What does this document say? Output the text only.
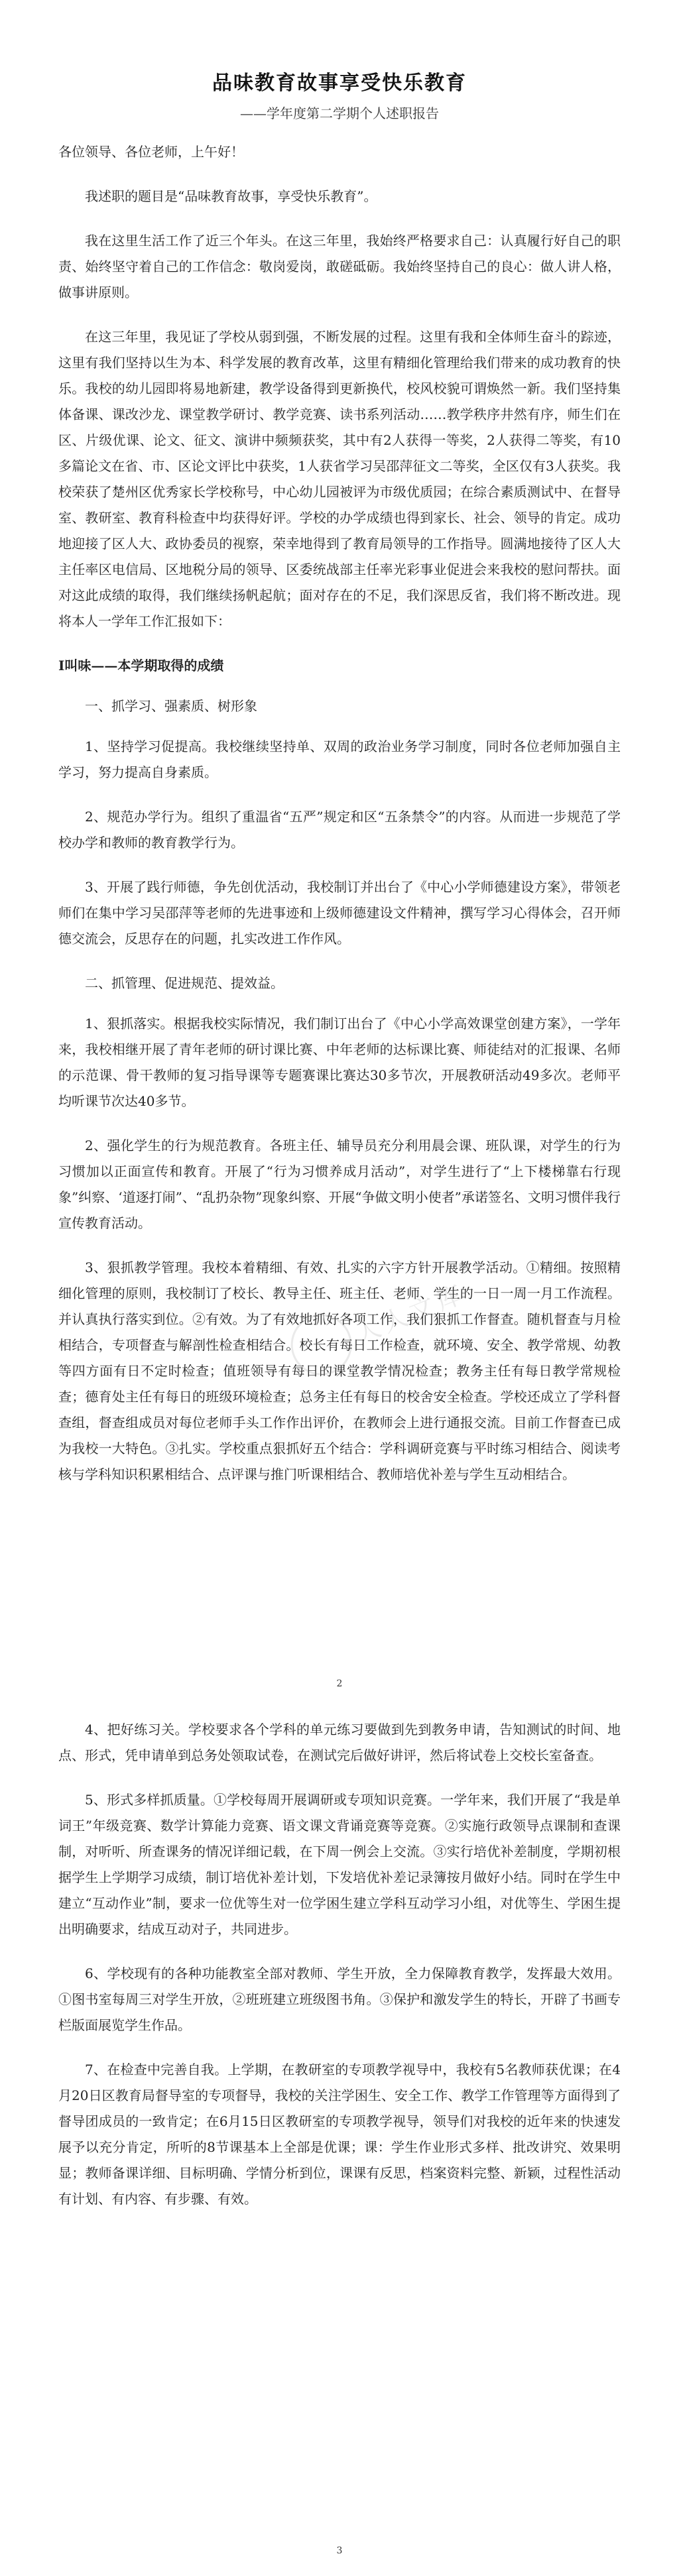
品味教育故事享受快乐教育
——学年度第二学期个人述职报告

各位领导、各位老师，上午好！

我述职的题目是“品味教育故事，享受快乐教育”。

我在这里生活工作了近三个年头。在这三年里，我始终严格要求自己：认真履行好自己的职责、始终坚守着自己的工作信念：敬岗爱岗，敢磋砥砺。我始终坚持自己的良心：做人讲人格，做事讲原则。

在这三年里，我见证了学校从弱到强，不断发展的过程。这里有我和全体师生奋斗的踪迹，这里有我们坚持以生为本、科学发展的教育改革，这里有精细化管理给我们带来的成功教育的快乐。我校的幼儿园即将易地新建，教学设备得到更新换代，校风校貌可谓焕然一新。我们坚持集体备课、课改沙龙、课堂教学研讨、教学竞赛、读书系列活动……教学秩序井然有序，师生们在区、片级优课、论文、征文、演讲中频频获奖，其中有2人获得一等奖，2人获得二等奖，有10多篇论文在省、市、区论文评比中获奖，1人获省学习吴邵萍征文二等奖，全区仅有3人获奖。我校荣获了楚州区优秀家长学校称号，中心幼儿园被评为市级优质园；在综合素质测试中、在督导室、教研室、教育科检查中均获得好评。学校的办学成绩也得到家长、社会、领导的肯定。成功地迎接了区人大、政协委员的视察，荣幸地得到了教育局领导的工作指导。圆满地接待了区人大主任率区电信局、区地税分局的领导、区委统战部主任率光彩事业促进会来我校的慰问帮扶。面对这此成绩的取得，我们继续扬帆起航；面对存在的不足，我们深思反省，我们将不断改进。现将本人一学年工作汇报如下：

Ⅰ叫味——本学期取得的成绩

一、抓学习、强素质、树形象

1、坚持学习促提高。我校继续坚持单、双周的政治业务学习制度，同时各位老师加强自主学习，努力提高自身素质。

2、规范办学行为。组织了重温省“五严”规定和区“五条禁令”的内容。从而进一步规范了学校办学和教师的教育教学行为。

3、开展了践行师德，争先创优活动，我校制订并出台了《中心小学师德建设方案》，带领老师们在集中学习吴邵萍等老师的先进事迹和上级师德建设文件精神，撰写学习心得体会，召开师德交流会，反思存在的问题，扎实改进工作作风。

二、抓管理、促进规范、提效益。

1、狠抓落实。根据我校实际情况，我们制订出台了《中心小学高效课堂创建方案》，一学年来，我校相继开展了青年老师的研讨课比赛、中年老师的达标课比赛、师徒结对的汇报课、名师的示范课、骨干教师的复习指导课等专题赛课比赛达30多节次，开展教研活动49多次。老师平均听课节次达40多节。

2、强化学生的行为规范教育。各班主任、辅导员充分利用晨会课、班队课，对学生的行为习惯加以正面宣传和教育。开展了“行为习惯养成月活动”，对学生进行了“上下楼梯靠右行现象”纠察、‘道逐打闹”、“乱扔杂物”现象纠察、开展“争做文明小使者”承诺签名、文明习惯伴我行宣传教育活动。

3、狠抓教学管理。我校本着精细、有效、扎实的六字方针开展教学活动。①精细。按照精细化管理的原则，我校制订了校长、教导主任、班主任、老师、学生的一日一周一月工作流程。并认真执行落实到位。②有效。为了有效地抓好各项工作，我们狠抓工作督查。随机督查与月检相结合，专项督查与解剖性检查相结合。校长有每日工作检查，就环境、安全、教学常规、幼教等四方面有日不定时检查；值班领导有每日的课堂教学情况检查；教务主任有每日教学常规检查；德育处主任有每日的班级环境检查；总务主任有每日的校舍安全检查。学校还成立了学科督查组，督查组成员对每位老师手头工作作出评价，在教师会上进行通报交流。目前工作督查已成为我校一大特色。③扎实。学校重点狠抓好五个结合：学科调研竞赛与平时练习相结合、阅读考核与学科知识积累相结合、点评课与推门听课相结合、教师培优补差与学生互动相结合。

人人文库
2

4、把好练习关。学校要求各个学科的单元练习要做到先到教务申请，告知测试的时间、地点、形式，凭申请单到总务处领取试卷，在测试完后做好讲评，然后将试卷上交校长室备查。

5、形式多样抓质量。①学校每周开展调研或专项知识竞赛。一学年来，我们开展了“我是单词王”年级竞赛、数学计算能力竞赛、语文课文背诵竞赛等竞赛。②实施行政领导点课制和查课制，对听听、所查课务的情况详细记载，在下周一例会上交流。③实行培优补差制度，学期初根据学生上学期学习成绩，制订培优补差计划，下发培优补差记录簿按月做好小结。同时在学生中建立“互动作业”制，要求一位优等生对一位学困生建立学科互动学习小组，对优等生、学困生提出明确要求，结成互动对子，共同进步。

6、学校现有的各种功能教室全部对教师、学生开放，全力保障教育教学，发挥最大效用。①图书室每周三对学生开放，②班班建立班级图书角。③保护和激发学生的特长，开辟了书画专栏版面展览学生作品。

7、在检查中完善自我。上学期，在教研室的专项教学视导中，我校有5名教师获优课；在4月20日区教育局督导室的专项督导，我校的关注学困生、安全工作、教学工作管理等方面得到了督导团成员的一致肯定；在6月15日区教研室的专项教学视导，领导们对我校的近年来的快速发展予以充分肯定，所听的8节课基本上全部是优课；课：学生作业形式多样、批改讲究、效果明显；教师备课详细、目标明确、学情分析到位，课课有反思，档案资料完整、新颖，过程性活动有计划、有内容、有步骤、有效。

3
